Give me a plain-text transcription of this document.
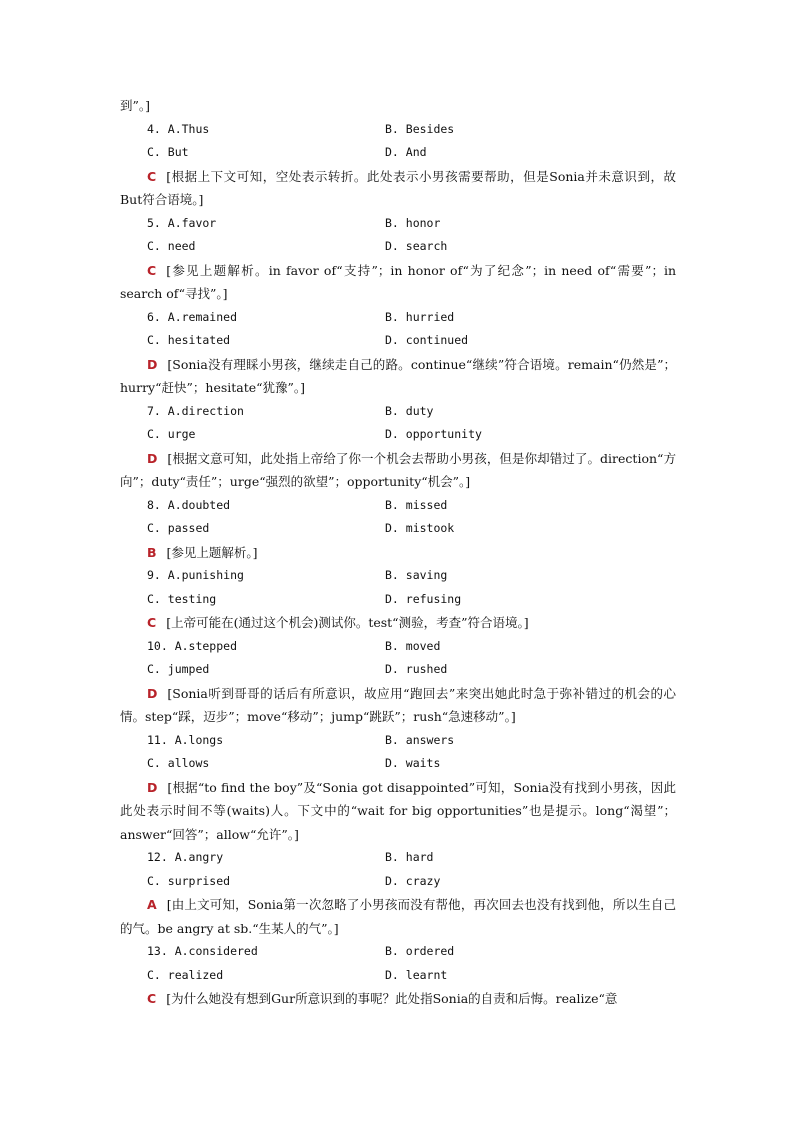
到”。]
4. A.Thus	B. Besides
C. But	D. And
C [根据上下文可知，空处表示转折。此处表示小男孩需要帮助，但是Sonia并未意识到，故But符合语境。]
5. A.favor	B. honor
C. need	D. search
C [参见上题解析。in favor of“支持”；in honor of“为了纪念”；in need of“需要”；in search of“寻找”。]
6. A.remained	B. hurried
C. hesitated	D. continued
D [Sonia没有理睬小男孩，继续走自己的路。continue“继续”符合语境。remain“仍然是”；hurry“赶快”；hesitate“犹豫”。]
7. A.direction	B. duty
C. urge	D. opportunity
D [根据文意可知，此处指上帝给了你一个机会去帮助小男孩，但是你却错过了。direction“方向”；duty“责任”；urge“强烈的欲望”；opportunity“机会”。]
8. A.doubted	B. missed
C. passed	D. mistook
B [参见上题解析。]
9. A.punishing	B. saving
C. testing	D. refusing
C [上帝可能在(通过这个机会)测试你。test“测验，考查”符合语境。]
10. A.stepped	B. moved
C. jumped	D. rushed
D [Sonia听到哥哥的话后有所意识，故应用“跑回去”来突出她此时急于弥补错过的机会的心情。step“踩，迈步”；move“移动”；jump“跳跃”；rush“急速移动”。]
11. A.longs	B. answers
C. allows	D. waits
D [根据“to find the boy”及“Sonia got disappointed”可知，Sonia没有找到小男孩，因此此处表示时间不等(waits)人。下文中的“wait for big opportunities”也是提示。long“渴望”；answer“回答”；allow“允许”。]
12. A.angry	B. hard
C. surprised	D. crazy
A [由上文可知，Sonia第一次忽略了小男孩而没有帮他，再次回去也没有找到他，所以生自己的气。be angry at sb.“生某人的气”。]
13. A.considered	B. ordered
C. realized	D. learnt
C [为什么她没有想到Gur所意识到的事呢？此处指Sonia的自责和后悔。realize“意
